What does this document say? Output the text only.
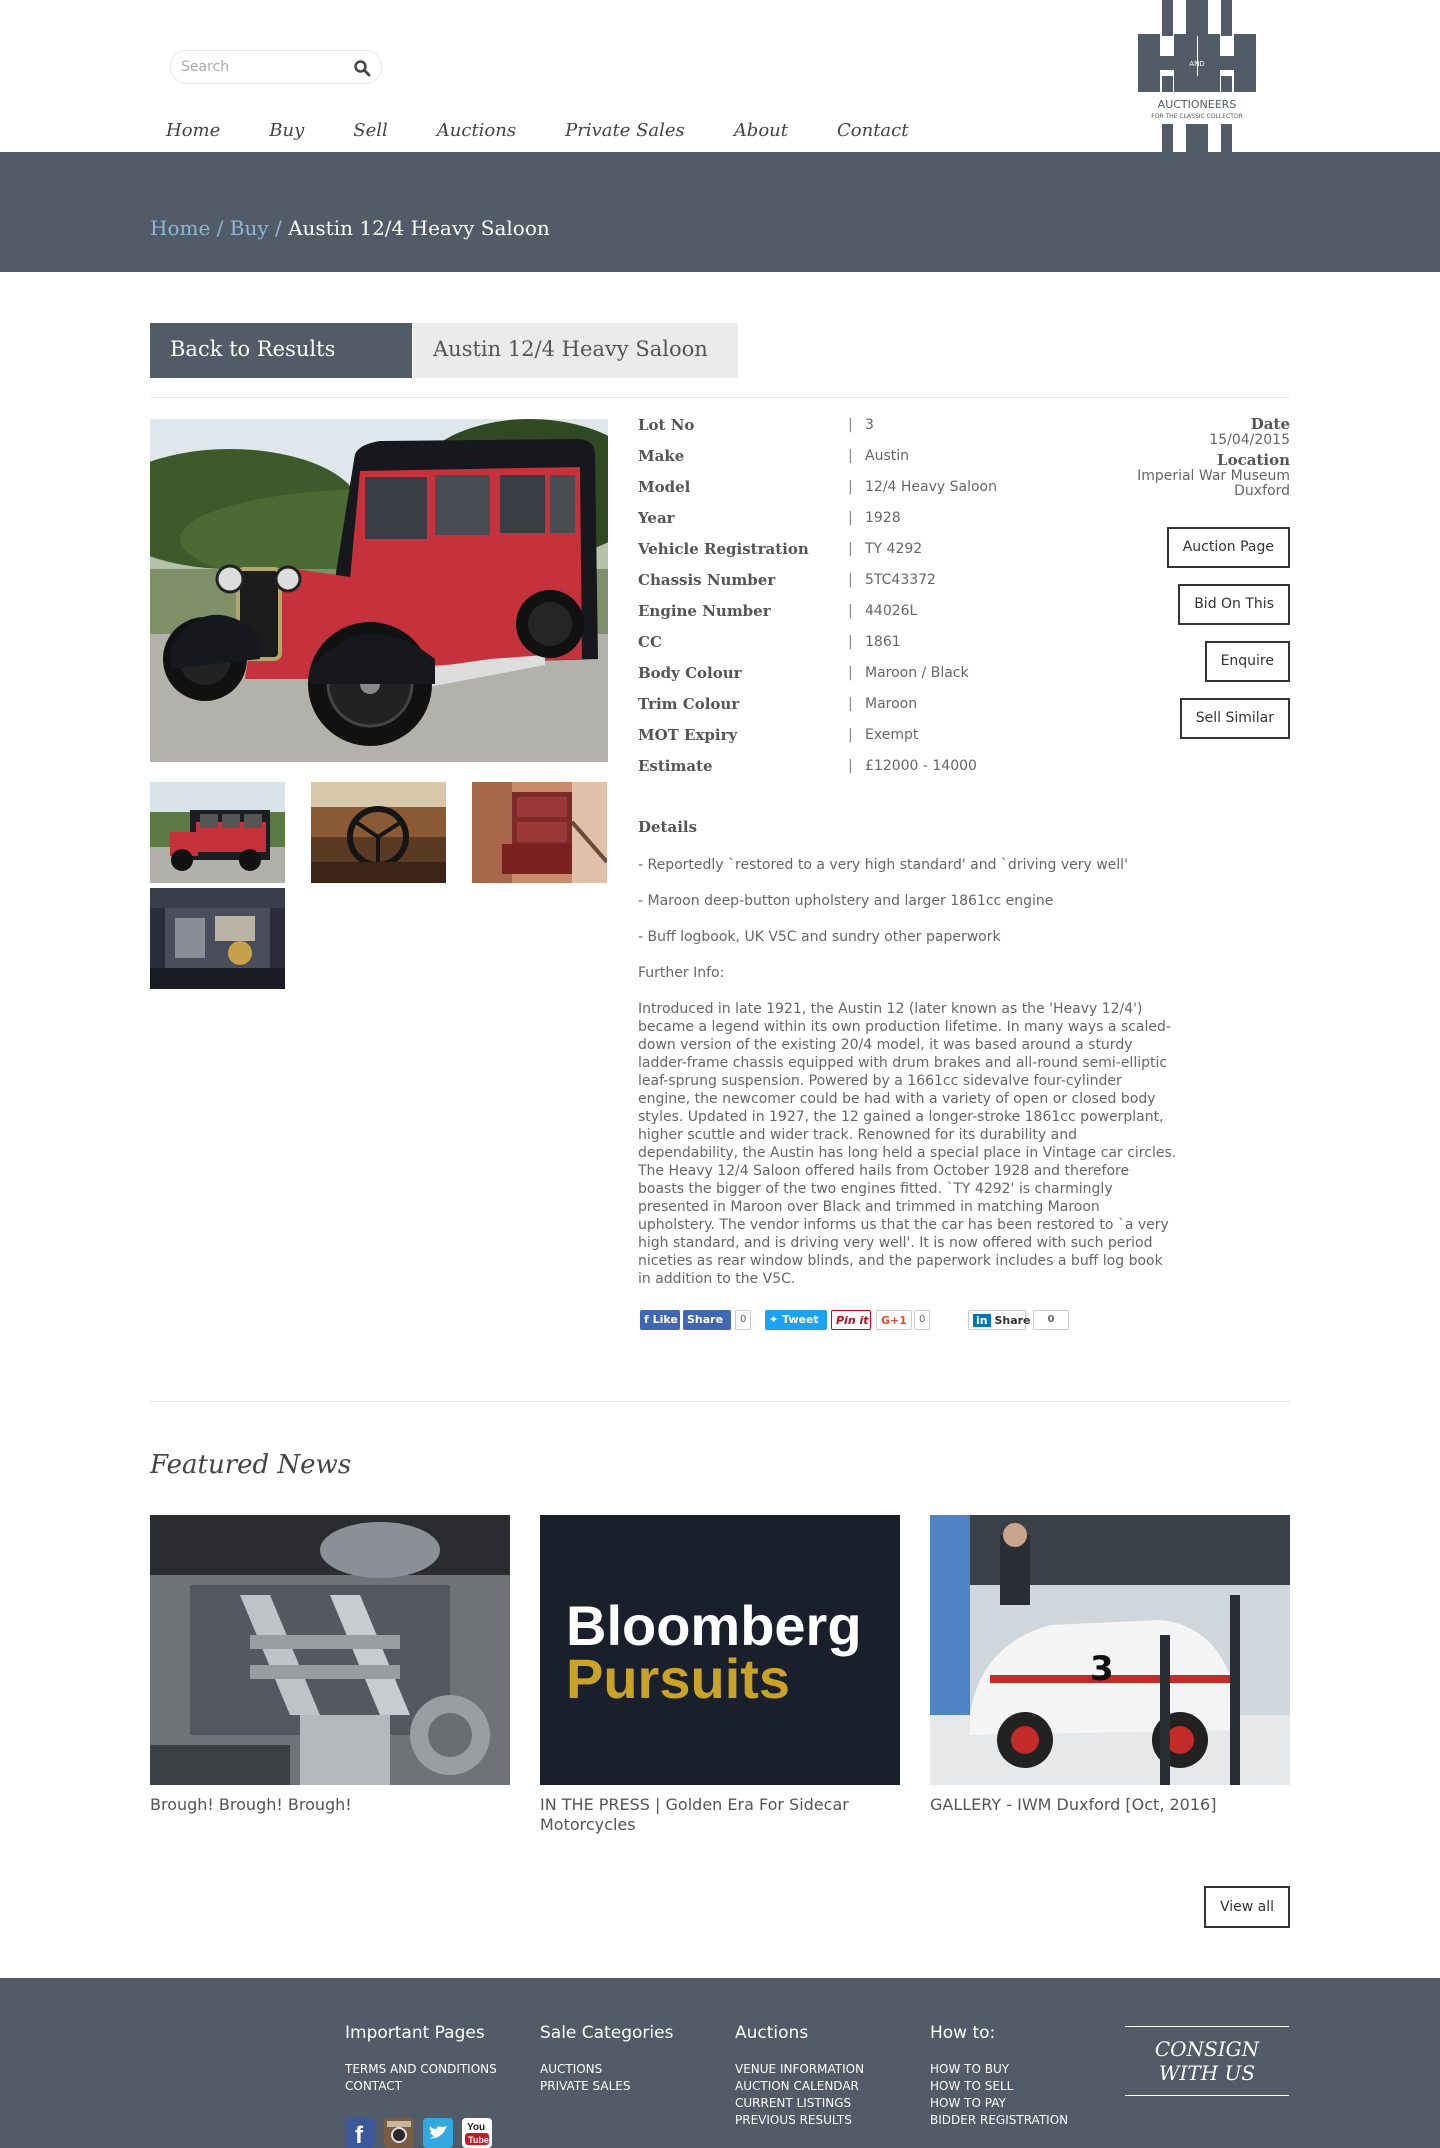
Search
Home	Buy	Sell	Auctions	Private Sales	About	Contact
AND
AUCTIONEERS
FOR THE CLASSIC COLLECTOR
Home / Buy / Austin 12/4 Heavy Saloon
Back to Results	Austin 12/4 Heavy Saloon
Lot No	| 3
Make	| Austin
Model	| 12/4 Heavy Saloon
Year	| 1928
Vehicle Registration	| TY 4292
Chassis Number	| 5TC43372
Engine Number	| 44026L
CC	| 1861
Body Colour	| Maroon / Black
Trim Colour	| Maroon
MOT Expiry	| Exempt
Estimate	| £12000 - 14000
Date
15/04/2015
Location
Imperial War Museum
Duxford
Auction Page
Bid On This
Enquire
Sell Similar
Details

- Reportedly `restored to a very high standard' and `driving very well'

- Maroon deep-button upholstery and larger 1861cc engine

- Buff logbook, UK V5C and sundry other paperwork

Further Info:

Introduced in late 1921, the Austin 12 (later known as the 'Heavy 12/4') became a legend within its own production lifetime. In many ways a scaled-down version of the existing 20/4 model, it was based around a sturdy ladder-frame chassis equipped with drum brakes and all-round semi-elliptic leaf-sprung suspension. Powered by a 1661cc sidevalve four-cylinder engine, the newcomer could be had with a variety of open or closed body styles. Updated in 1927, the 12 gained a longer-stroke 1861cc powerplant, higher scuttle and wider track. Renowned for its durability and dependability, the Austin has long held a special place in Vintage car circles. The Heavy 12/4 Saloon offered hails from October 1928 and therefore boasts the bigger of the two engines fitted. `TY 4292' is charmingly presented in Maroon over Black and trimmed in matching Maroon upholstery. The vendor informs us that the car has been restored to `a very high standard, and is driving very well'. It is now offered with such period niceties as rear window blinds, and the paperwork includes a buff log book in addition to the V5C.

f Like Share	0	✦ Tweet	Pin it	G+1	0	in Share	0
Featured News
Bloomberg
Pursuits	3
Brough! Brough! Brough!	IN THE PRESS | Golden Era For Sidecar Motorcycles
GALLERY - IWM Duxford [Oct, 2016]
View all
Important Pages
TERMS AND CONDITIONS
CONTACT
Sale Categories
AUCTIONS
PRIVATE SALES
Auctions
VENUE INFORMATION
AUCTION CALENDAR
CURRENT LISTINGS
PREVIOUS RESULTS
How to:
HOW TO BUY
HOW TO SELL
HOW TO PAY
BIDDER REGISTRATION
CONSIGN
WITH US
f	You
Tube
